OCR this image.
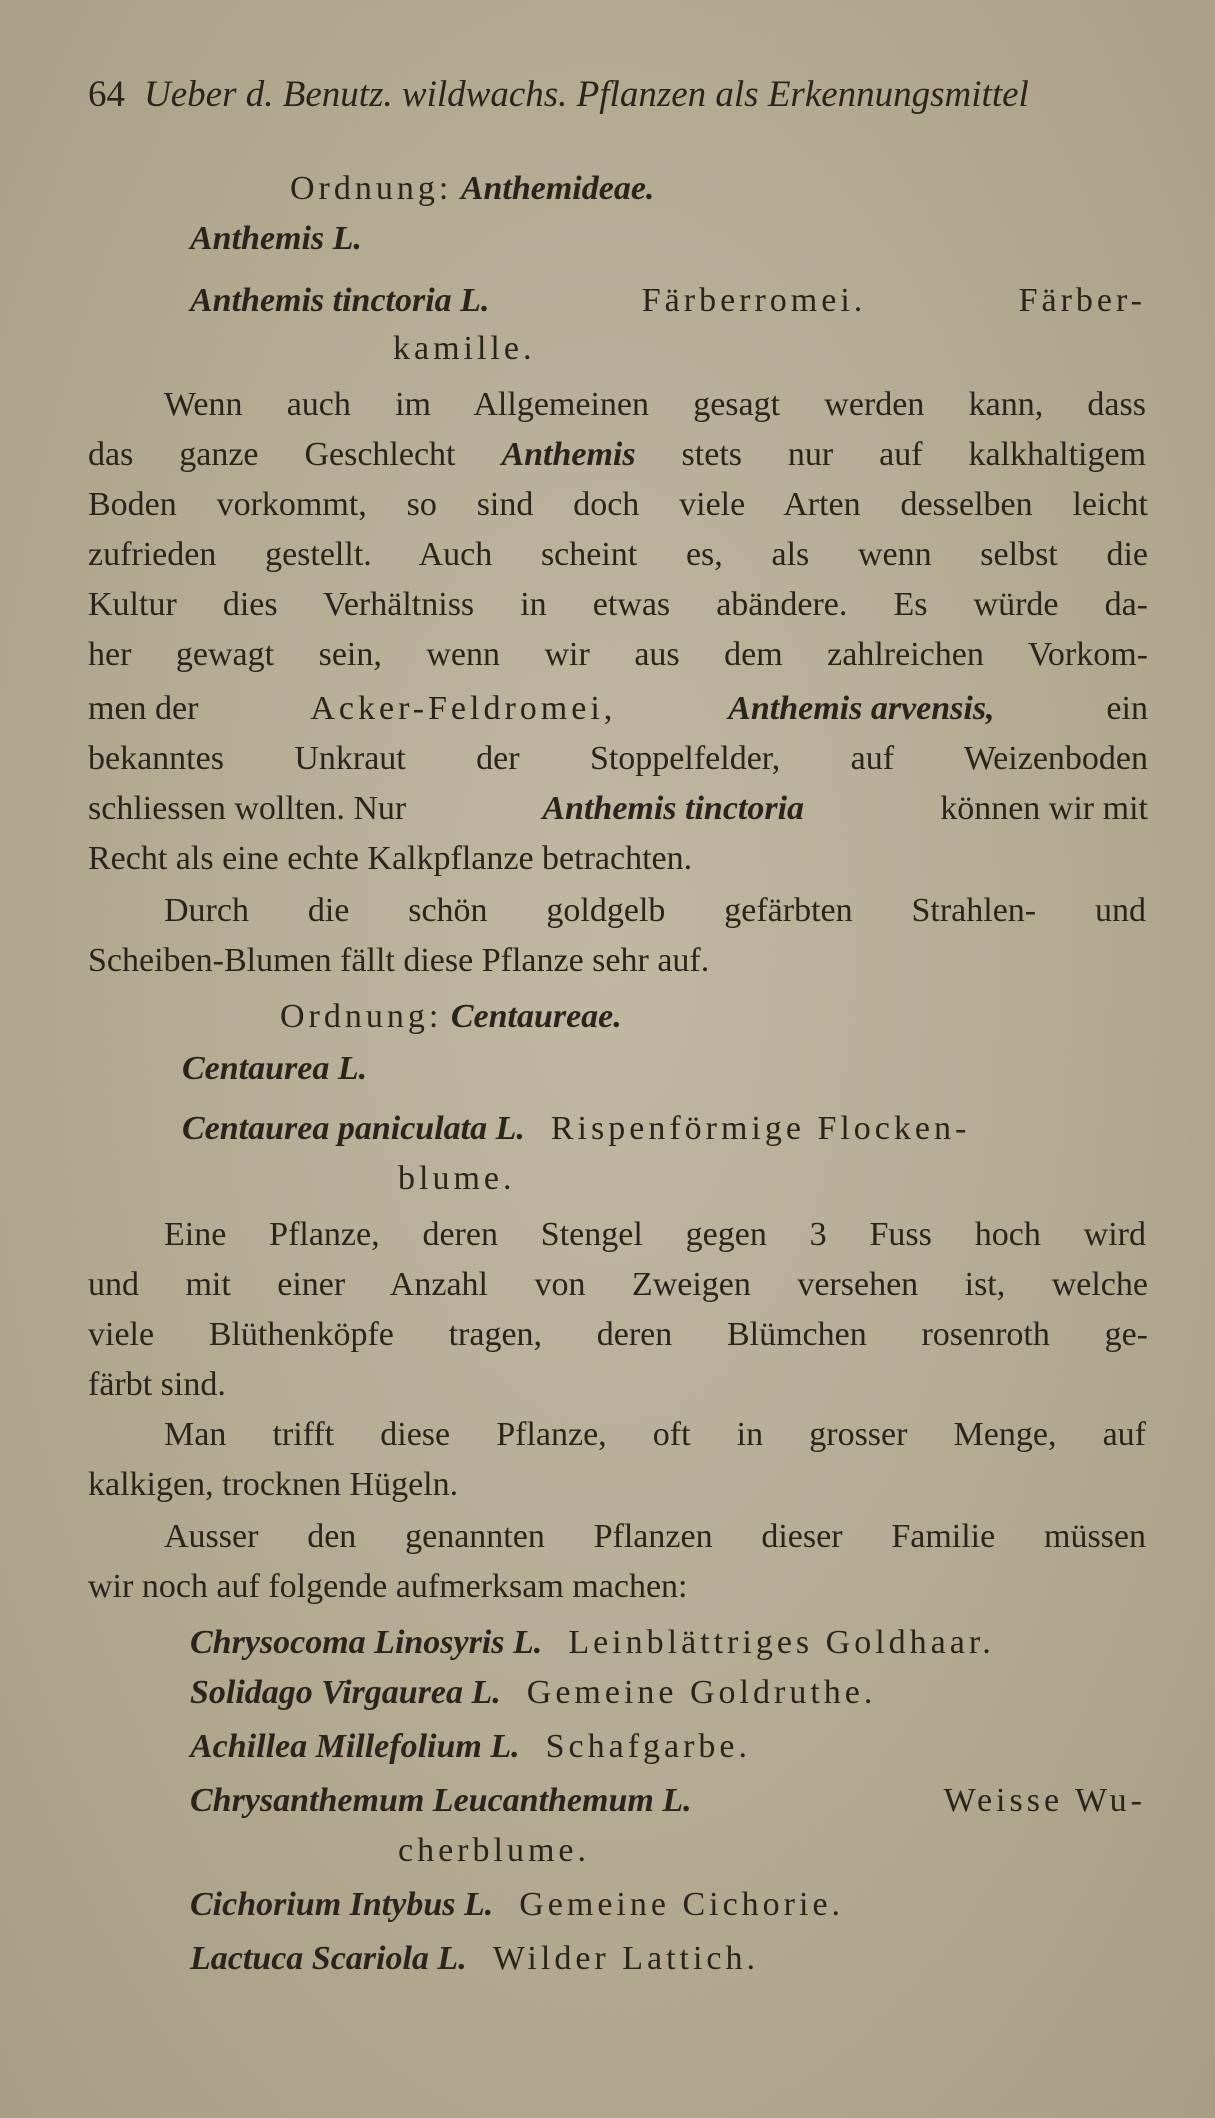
64 Ueber d. Benutz. wildwachs. Pflanzen als Erkennungsmittel
Ordnung: Anthemideae.
Anthemis L.
Anthemis tinctoria L.	Färberromei.	Färber-
kamille.
Wenn auch im Allgemeinen gesagt werden kann, dass
das ganze Geschlecht Anthemis stets nur auf kalkhaltigem
Boden vorkommt, so sind doch viele Arten desselben leicht
zufrieden gestellt. Auch scheint es, als wenn selbst die
Kultur dies Verhältniss in etwas abändere. Es würde da-
her gewagt sein, wenn wir aus dem zahlreichen Vorkom-
men der	Acker-Feldromei,	Anthemis arvensis,	ein
bekanntes Unkraut der Stoppelfelder, auf Weizenboden
schliessen wollten. Nur	Anthemis tinctoria	können wir mit
Recht als eine echte Kalkpflanze betrachten.
Durch die schön goldgelb gefärbten Strahlen- und
Scheiben-Blumen fällt diese Pflanze sehr auf.
Ordnung: Centaureae.
Centaurea L.
Centaurea paniculata L. Rispenförmige Flocken-
blume.
Eine Pflanze, deren Stengel gegen 3 Fuss hoch wird
und mit einer Anzahl von Zweigen versehen ist, welche
viele Blüthenköpfe tragen, deren Blümchen rosenroth ge-
färbt sind.
Man trifft diese Pflanze, oft in grosser Menge, auf
kalkigen, trocknen Hügeln.
Ausser den genannten Pflanzen dieser Familie müssen
wir noch auf folgende aufmerksam machen:
Chrysocoma Linosyris L. Leinblättriges Goldhaar.
Solidago Virgaurea L. Gemeine Goldruthe.
Achillea Millefolium L. Schafgarbe.
Chrysanthemum Leucanthemum L.	Weisse Wu-
cherblume.
Cichorium Intybus L. Gemeine Cichorie.
Lactuca Scariola L. Wilder Lattich.
